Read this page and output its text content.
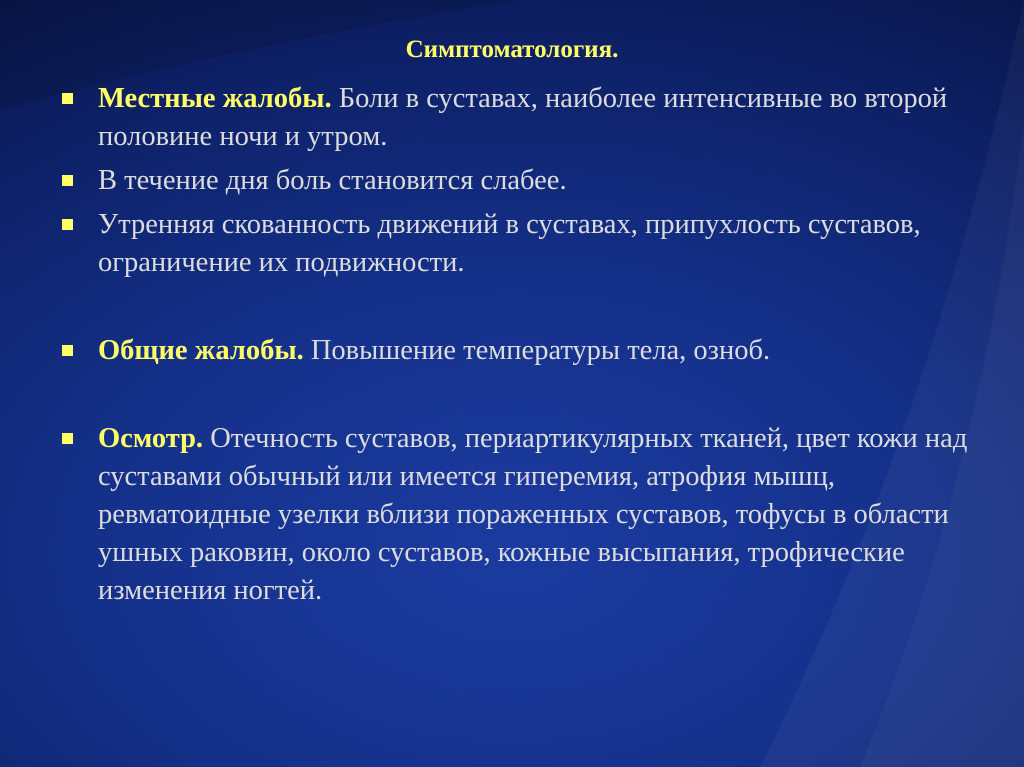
Симптоматология.
Местные жалобы. Боли в суставах, наиболее интенсивные во второй половине ночи и утром.
В течение дня боль становится слабее.
Утренняя скованность движений в суставах, припухлость суставов, ограничение их подвижности.
Общие жалобы. Повышение температуры тела, озноб.
Осмотр. Отечность суставов, периартикулярных тканей, цвет кожи над суставами обычный или имеется гиперемия, атрофия мышц, ревматоидные узелки вблизи пораженных суставов, тофусы в области ушных раковин, около суставов, кожные высыпания, трофические изменения ногтей.
